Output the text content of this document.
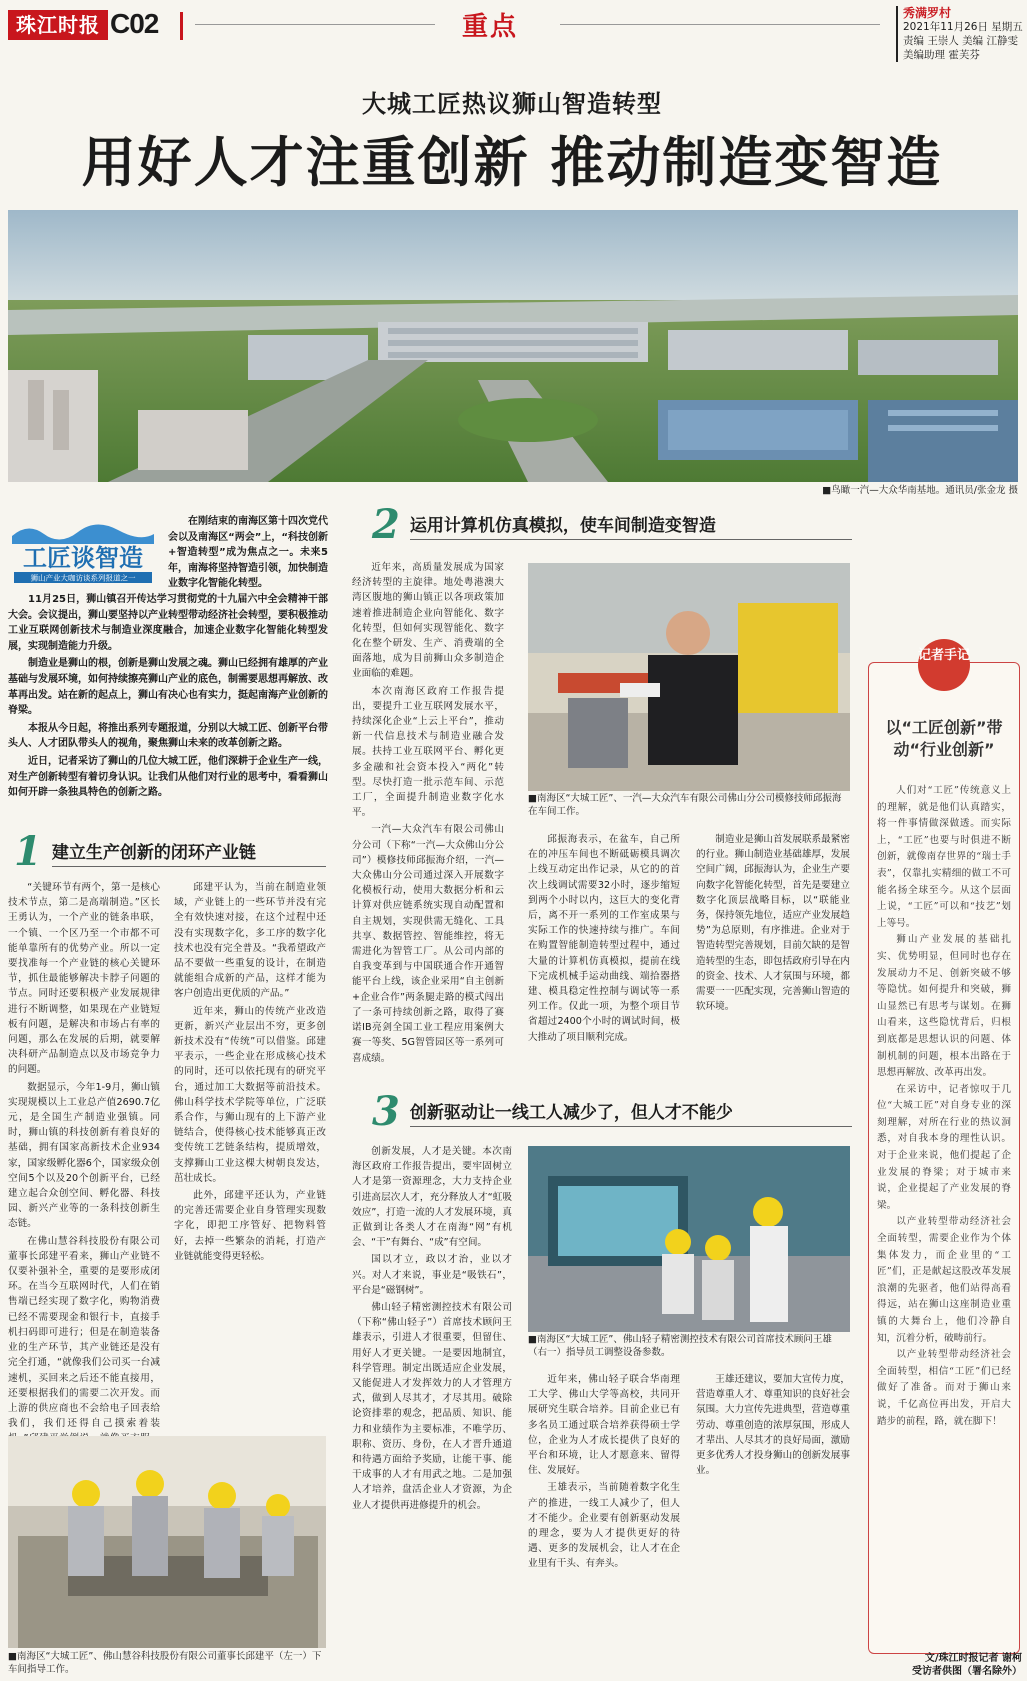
珠江时报 C02	重点	秀满罗村
2021年11月26日 星期五
责编 王崇人 美编 江静雯
美编助理 霍芙芬
大城工匠热议狮山智造转型
用好人才注重创新 推动制造变智造
■鸟瞰一汽—大众华南基地。通讯员/张金龙 摄
工匠谈智造
狮山产业大咖访谈系列报道之一

在刚结束的南海区第十四次党代会以及南海区“两会”上，“科技创新+智造转型”成为焦点之一。未来5年，南海将坚持智造引领，加快制造业数字化智能化转型。

11月25日，狮山镇召开传达学习贯彻党的十九届六中全会精神干部大会。会议提出，狮山要坚持以产业转型带动经济社会转型，要积极推动工业互联网创新技术与制造业深度融合，加速企业数字化智能化转型发展，实现制造能力升级。

制造业是狮山的根，创新是狮山发展之魂。狮山已经拥有雄厚的产业基础与发展环境，如何持续擦亮狮山产业的底色，制需要思想再解放、改革再出发。站在新的起点上，狮山有决心也有实力，挺起南海产业创新的脊梁。

本报从今日起，将推出系列专题报道，分别以大城工匠、创新平台带头人、人才团队带头人的视角，聚焦狮山未来的改革创新之路。

近日，记者采访了狮山的几位大城工匠，他们深耕于企业生产一线，对生产创新转型有着切身认识。让我们从他们对行业的思考中，看看狮山如何开辟一条独具特色的创新之路。

1 建立生产创新的闭环产业链

“关键环节有两个，第一是核心技术节点，第二是高端制造。”区长王勇认为，一个产业的链条串联，一个镇、一个区乃至一个市都不可能单靠所有的优势产业。所以一定要找准每一个产业链的核心关键环节，抓住最能够解决卡脖子问题的节点。同时还要积极产业发展规律进行不断调整，如果现在产业链短板有问题，是解决和市场占有率的问题，那么在发展的后期，就要解决科研产品制造点以及市场竞争力的问题。

数据显示，今年1-9月，狮山镇实现规模以上工业总产值2690.7亿元，是全国生产制造业强镇。同时，狮山镇的科技创新有着良好的基础，拥有国家高新技术企业934家，国家级孵化器6个，国家级众创空间5个以及20个创新平台，已经建立起合众创空间、孵化器、科技园、新兴产业等的一条科技创新生态链。

在佛山慧谷科技股份有限公司董事长邱建平看来，狮山产业链不仅要补强补全，重要的是要形成闭环。在当今互联网时代，人们在销售端已经实现了数字化，购物消费已经不需要现金和银行卡，直接手机扫码即可进行；但是在制造装备业的生产环节，其产业链还是没有完全打通，“就像我们公司买一台减速机，买回来之后还不能直接用，还要根据我们的需要二次开发。而上游的供应商也不会给电子回表给我们，我们还得自己摸索着装

邱建平认为，当前在制造业领域，产业链上的一些环节并没有完全有效快速对接，在这个过程中还没有实现数字化，多工序的数字化技术也没有完全普及。“我希望政产品不要做一些重复的设计，在制造就能组合成新的产品，这样才能为客户创造出更优质的产品。”

近年来，狮山的传统产业改造更新，新兴产业层出不穷，更多创新技术没有“传统”可以借鉴。邱建平表示，一些企业在形成核心技术的同时，还可以依托现有的研究平台，通过加工大数据等前沿技术。佛山科学技术学院等单位，广泛联系合作，与狮山现有的上下游产业链结合，使得核心技术能够真正改变传统工艺链条结构，提质增效，支撑狮山工业这棵大树朝良发达，茁壮成长。

此外，邱建平还认为，产业链的完善还需要企业自身管理实现数字化，即把工序管好、把物料管好，去掉一些繁杂的消耗，打造产业链就能变得更轻松。

■南海区“大城工匠”、佛山慧谷科技股份有限公司董事长邱建平（左一）下车间指导工作。
2 运用计算机仿真模拟，使车间制造变智造

近年来，高质量发展成为国家经济转型的主旋律。地处粤港澳大湾区腹地的狮山镇正以各项政策加速着推进制造企业向智能化、数字化转型，但如何实现智能化、数字化在整个研发、生产、消费端的全面落地，成为目前狮山众多制造企业面临的难题。

本次南海区政府工作报告提出，要提升工业互联网发展水平，持续深化企业“上云上平台”，推动新一代信息技术与制造业融合发展。扶持工业互联网平台、孵化更多金融和社会资本投入“两化”转型。尽快打造一批示范车间、示范工厂，全面提升制造业数字化水平。

一汽—大众汽车有限公司佛山分公司（下称“一汽—大众佛山分公司”）模修技师邱振海介绍，一汽—大众佛山分公司通过深入开展数字化模板行动，使用大数据分析和云计算对供应链系统实现自动配置和自主规划，实现供需无缝化、工具共享、数据管控、智能维控，将无需进化为智管工厂。从公司内部的自我变革到与中国联通合作开通智能平台上线，该企业采用“自主创新+企业合作”两条腿走路的模式闯出了一条可持续创新之路，取得了赛诺IB亮剑全国工业工程应用案例大赛一等奖、5G智管园区等一系列可喜成绩。

■南海区“大城工匠”、一汽—大众汽车有限公司佛山分公司模修技师邱振海在车间工作。

邱振海表示，在盆车，自己所在的冲压车间也不断砥砺模具调次上线互动定出作记录，从它的的首次上线调试需要32小时，逐步缩短到两个小时以内，这巨大的变化背后，离不开一系列的工作室成果与实际工作的快速持续与推广。车间在购置智能制造转型过程中，通过大量的计算机仿真模拟，提前在线下完成机械手运动曲线、端拾器搭建、模具稳定性控制与调试等一系列工作。仅此一项，为整个项目节省超过2400个小时的调试时间，极大推动了项目顺利完成。

制造业是狮山首发展联系最紧密的行业。狮山制造业基础雄厚，发展空间广阔，邱振海认为，企业生产要向数字化智能化转型，首先是要建立数字化顶层战略目标，以“联能业务，保持领先地位，适应产业发展趋势”为总原则，有序推进。企业对于智造转型完善规划，目前欠缺的是智造转型的生态，即包括政府引导在内的资金、技术、人才氛围与环境，都需要一一匹配实现，完善狮山智造的软环境。

3 创新驱动让一线工人减少了，但人才不能少

创新发展，人才是关键。本次南海区政府工作报告提出，要牢固树立人才是第一资源理念，大力支持企业引进高层次人才，充分释放人才“虹吸效应”，打造一流的人才发展环境，真正做到让各类人才在南海“网”有机会、“干”有舞台、“成”有空间。

国以才立，政以才治，业以才兴。对人才来说，事业是“吸铁石”，平台是“磁钢树”。

佛山轻子精密测控技术有限公司（下称“佛山轻子”）首席技术顾问王雄表示，引进人才很重要，但留住、用好人才更关键。一是要因地制宜，科学管理。制定出既适应企业发展，又能促进人才发挥效力的人才管理方式，做到人尽其才，才尽其用。破除论资排辈的观念，把品质、知识、能力和业绩作为主要标准，不唯学历、职称、资历、身份，在人才晋升通道和待遇方面给予奖励，让能干事、能干成事的人才有用武之地。二是加强人才培养，盘活企业人才资源，为企业人才提供再进修提升的机会。

■南海区“大城工匠”、佛山轻子精密测控技术有限公司首席技术顾问王雄（右一）指导员工调整设备参数。

近年来，佛山轻子联合华南理工大学、佛山大学等高校，共同开展研究生联合培养。目前企业已有多名员工通过联合培养获得硕士学位，企业为人才成长提供了良好的平台和环境，让人才愿意来、留得住、发展好。

王雄表示，当前随着数字化生产的推进，一线工人减少了，但人才不能少。企业要有创新驱动发展的理念，要为人才提供更好的待遇、更多的发展机会，让人才在企业里有干头、有奔头。

王雄还建议，要加大宣传力度，营造尊重人才、尊重知识的良好社会氛围。大力宣传先进典型，营造尊重劳动、尊重创造的浓厚氛围，形成人才辈出、人尽其才的良好局面，激励更多优秀人才投身狮山的创新发展事业。

记者手记
以“工匠创新”带动“行业创新”

人们对“工匠”传统意义上的理解，就是他们认真踏实，将一件事情做深做透。而实际上，“工匠”也要与时俱进不断创新，就像南存世界的“瑞士手表”，仅靠扎实精细的做工不可能名扬全球至今。从这个层面上说，“工匠”可以和“技艺”划上等号。

狮山产业发展的基础扎实、优势明显，但同时也存在发展动力不足、创新突破不够等隐忧。如何提升和突破，狮山显然已有思考与谋划。在狮山看来，这些隐忧背后，归根到底都是思想认识的问题、体制机制的问题，根本出路在于思想再解放、改革再出发。

在采访中，记者惊叹于几位“大城工匠”对自身专业的深刻理解，对所在行业的热议洞悉，对自我本身的理性认识。对于企业来说，他们提起了企业发展的脊梁；对于城市来说，企业提起了产业发展的脊梁。

以产业转型带动经济社会全面转型，需要企业作为个体集体发力，而企业里的“工匠”们，正是献起这股改革发展浪潮的先驱者，他们站得高看得远，站在狮山这座制造业重镇的大舞台上，他们冷静自知，沉着分析，破畴前行。

以产业转型带动经济社会全面转型，相信“工匠”们已经做好了准备。而对于狮山来说，千亿高位再出发，开启大踏步的前程，路，就在脚下！

文/珠江时报记者 谢柯
受访者供图（署名除外）
